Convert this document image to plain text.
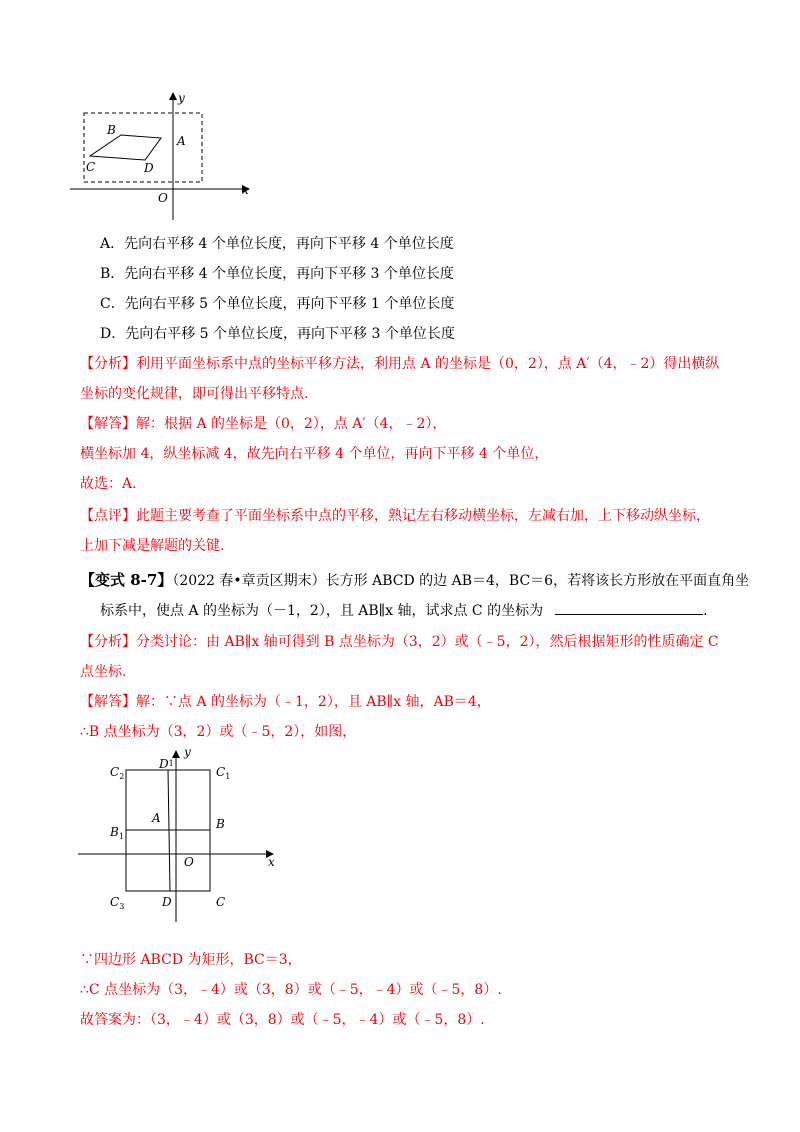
B
A
C	D
O
x
y
A．先向右平移 4 个单位长度，再向下平移 4 个单位长度
B．先向右平移 4 个单位长度，再向下平移 3 个单位长度
C．先向右平移 5 个单位长度，再向下平移 1 个单位长度
D．先向右平移 5 个单位长度，再向下平移 3 个单位长度
【分析】利用平面坐标系中点的坐标平移方法，利用点 A 的坐标是（0，2），点 A′（4，﹣2）得出横纵
坐标的变化规律，即可得出平移特点.
【解答】解：根据 A 的坐标是（0，2），点 A′（4，﹣2），
横坐标加 4，纵坐标减 4，故先向右平移 4 个单位，再向下平移 4 个单位，
故选：A.
【点评】此题主要考查了平面坐标系中点的平移，熟记左右移动横坐标，左减右加，上下移动纵坐标，
上加下减是解题的关键.
【变式 8-7】（2022 春•章贡区期末）长方形 ABCD 的边 AB＝4，BC＝6，若将该长方形放在平面直角坐
标系中，使点 A 的坐标为（－1，2），且 AB∥x 轴，试求点 C 的坐标为	.
【分析】分类讨论：由 AB∥x 轴可得到 B 点坐标为（3，2）或（﹣5，2），然后根据矩形的性质确定 C
点坐标.
【解答】解：∵点 A 的坐标为（﹣1，2），且 AB∥x 轴，AB＝4，
∴B 点坐标为（3，2）或（﹣5，2），如图，
$C_2$
D1
$C_1$
$B_1$
A	B
O	x
y
$C_3$	D	C
∵四边形 ABCD 为矩形，BC＝3，
∴C 点坐标为（3，﹣4）或（3，8）或（﹣5，﹣4）或（﹣5，8）.
故答案为：（3，﹣4）或（3，8）或（﹣5，﹣4）或（﹣5，8）.
